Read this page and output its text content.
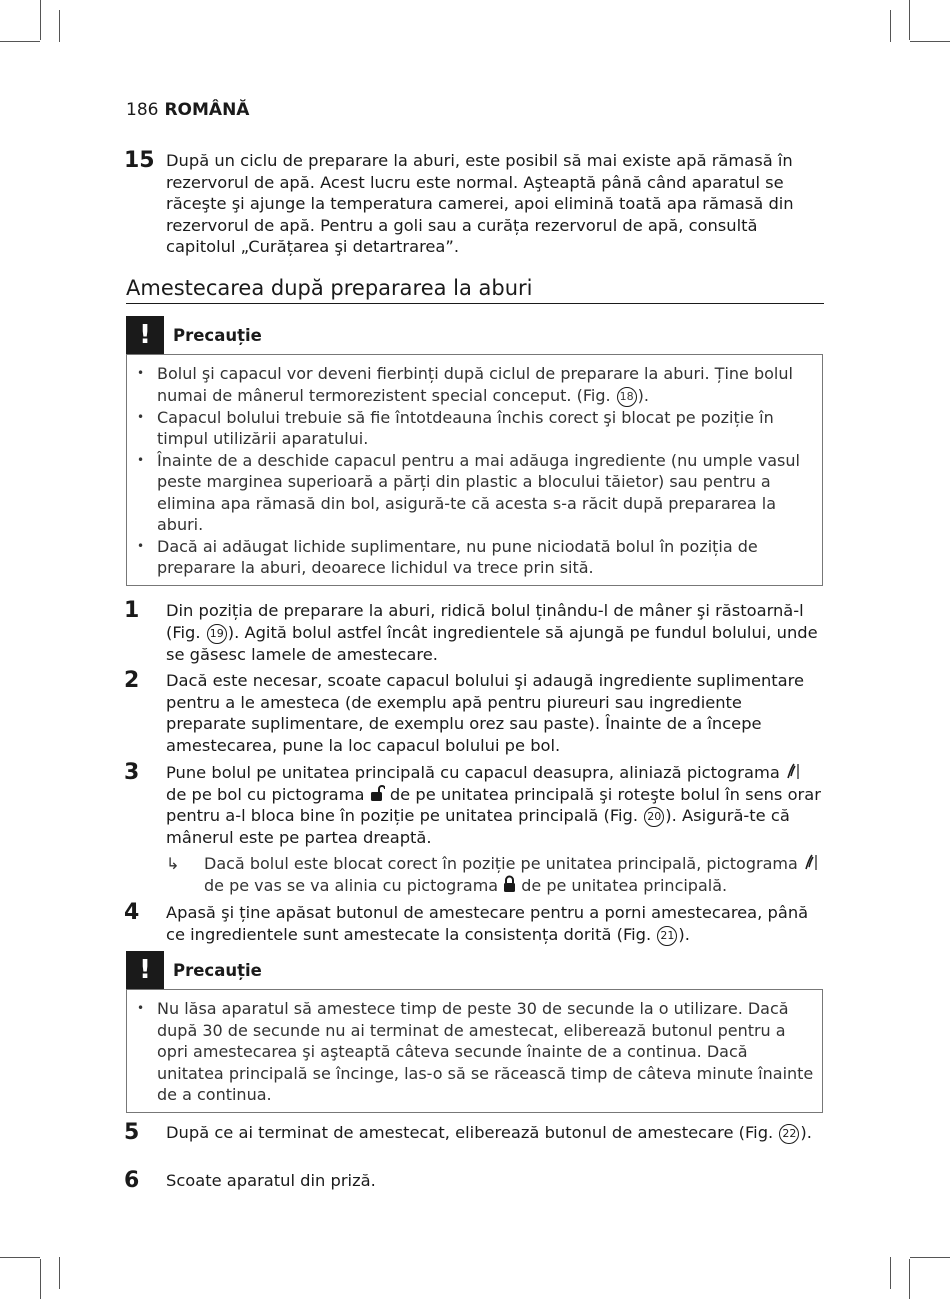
186 ROMÂNĂ
15 După un ciclu de preparare la aburi, este posibil să mai existe apă rămasă în rezervorul de apă. Acest lucru este normal. Aşteaptă până când aparatul se răceşte şi ajunge la temperatura camerei, apoi elimină toată apa rămasă din rezervorul de apă. Pentru a goli sau a curăța rezervorul de apă, consultă capitolul „Curățarea şi detartrarea”.
Amestecarea după prepararea la aburi
!	Precauție
• Bolul şi capacul vor deveni fierbinți după ciclul de preparare la aburi. Ține bolul numai de mânerul termorezistent special conceput. (Fig. 18 ).
• Capacul bolului trebuie să fie întotdeauna închis corect şi blocat pe poziție în timpul utilizării aparatului.
• Înainte de a deschide capacul pentru a mai adăuga ingrediente (nu umple vasul peste marginea superioară a părți din plastic a blocului tăietor) sau pentru a elimina apa rămasă din bol, asigură-te că acesta s-a răcit după prepararea la aburi.
• Dacă ai adăugat lichide suplimentare, nu pune niciodată bolul în poziția de preparare la aburi, deoarece lichidul va trece prin sită.
1 Din poziția de preparare la aburi, ridică bolul ținându-l de mâner şi răstoarnă-l (Fig. 19 ). Agită bolul astfel încât ingredientele să ajungă pe fundul bolului, unde se găsesc lamele de amestecare.
2 Dacă este necesar, scoate capacul bolului şi adaugă ingrediente suplimentare pentru a le amesteca (de exemplu apă pentru piureuri sau ingrediente preparate suplimentare, de exemplu orez sau paste). Înainte de a începe amestecarea, pune la loc capacul bolului pe bol.
3 Pune bolul pe unitatea principală cu capacul deasupra, aliniază pictograma  de pe bol cu pictograma  de pe unitatea principală şi roteşte bolul în sens orar pentru a-l bloca bine în poziție pe unitatea principală (Fig. 20 ). Asigură-te că mânerul este pe partea dreaptă.
↳ Dacă bolul este blocat corect în poziție pe unitatea principală, pictograma  de pe vas se va alinia cu pictograma  de pe unitatea principală.
4 Apasă şi ține apăsat butonul de amestecare pentru a porni amestecarea, până ce ingredientele sunt amestecate la consistența dorită (Fig. 21 ).
!	Precauție
• Nu lăsa aparatul să amestece timp de peste 30 de secunde la o utilizare. Dacă după 30 de secunde nu ai terminat de amestecat, eliberează butonul pentru a opri amestecarea şi aşteaptă câteva secunde înainte de a continua. Dacă unitatea principală se încinge, las-o să se răcească timp de câteva minute înainte de a continua.
5 După ce ai terminat de amestecat, eliberează butonul de amestecare (Fig. 22 ).
6 Scoate aparatul din priză.
